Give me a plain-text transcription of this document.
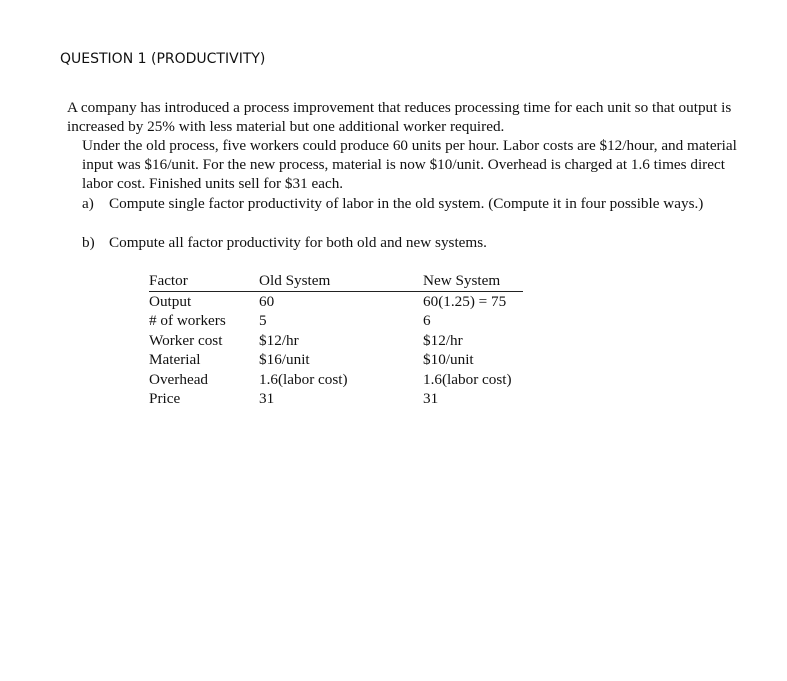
QUESTION 1 (PRODUCTIVITY)
A company has introduced a process improvement that reduces processing time for each unit so that output is increased by 25% with less material but one additional worker required.
Under the old process, five workers could produce 60 units per hour. Labor costs are $12/hour, and material input was $16/unit. For the new process, material is now $10/unit. Overhead is charged at 1.6 times direct labor cost. Finished units sell for $31 each.
a) Compute single factor productivity of labor in the old system. (Compute it in four possible ways.)
b) Compute all factor productivity for both old and new systems.
Factor	Old System	New System
Output	60	60(1.25) = 75
# of workers	5	6
Worker cost	$12/hr	$12/hr
Material	$16/unit	$10/unit
Overhead	1.6(labor cost)	1.6(labor cost)
Price	31	31
